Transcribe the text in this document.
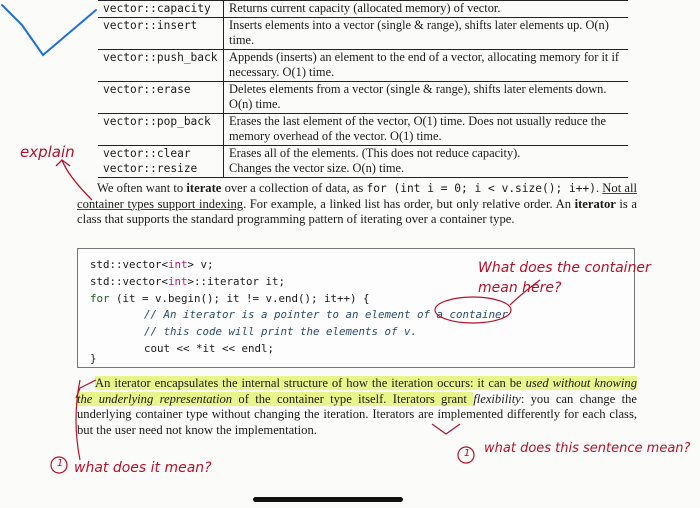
vector::capacity	Returns current capacity (allocated memory) of vector.
vector::insert	Inserts elements into a vector (single & range), shifts later elements up. O(n) time.
vector::push_back	Appends (inserts) an element to the end of a vector, allocating memory for it if necessary. O(1) time.
vector::erase	Deletes elements from a vector (single & range), shifts later elements down. O(n) time.
vector::pop_back	Erases the last element of the vector, O(1) time. Does not usually reduce the memory overhead of the vector. O(1) time.
vector::clear	Erases all of the elements. (This does not reduce capacity).
vector::resize	Changes the vector size. O(n) time.
We often want to iterate over a collection of data, as for (int i = 0; i < v.size(); i++). Not all container types support indexing. For example, a linked list has order, but only relative order. An iterator is a class that supports the standard programming pattern of iterating over a container type.
std::vector<int> v;
std::vector<int>::iterator it;
for (it = v.begin(); it != v.end(); it++) {
// An iterator is a pointer to an element of a container
// this code will print the elements of v.
cout << *it << endl;
}
An iterator encapsulates the internal structure of how the iteration occurs: it can be used without knowing the underlying representation of the container type itself. Iterators grant flexibility: you can change the underlying container type without changing the iteration. Iterators are implemented differently for each class, but the user need not know the implementation.
explain
What does the container mean here?
1 what does it mean?
1 what does this sentence mean?
